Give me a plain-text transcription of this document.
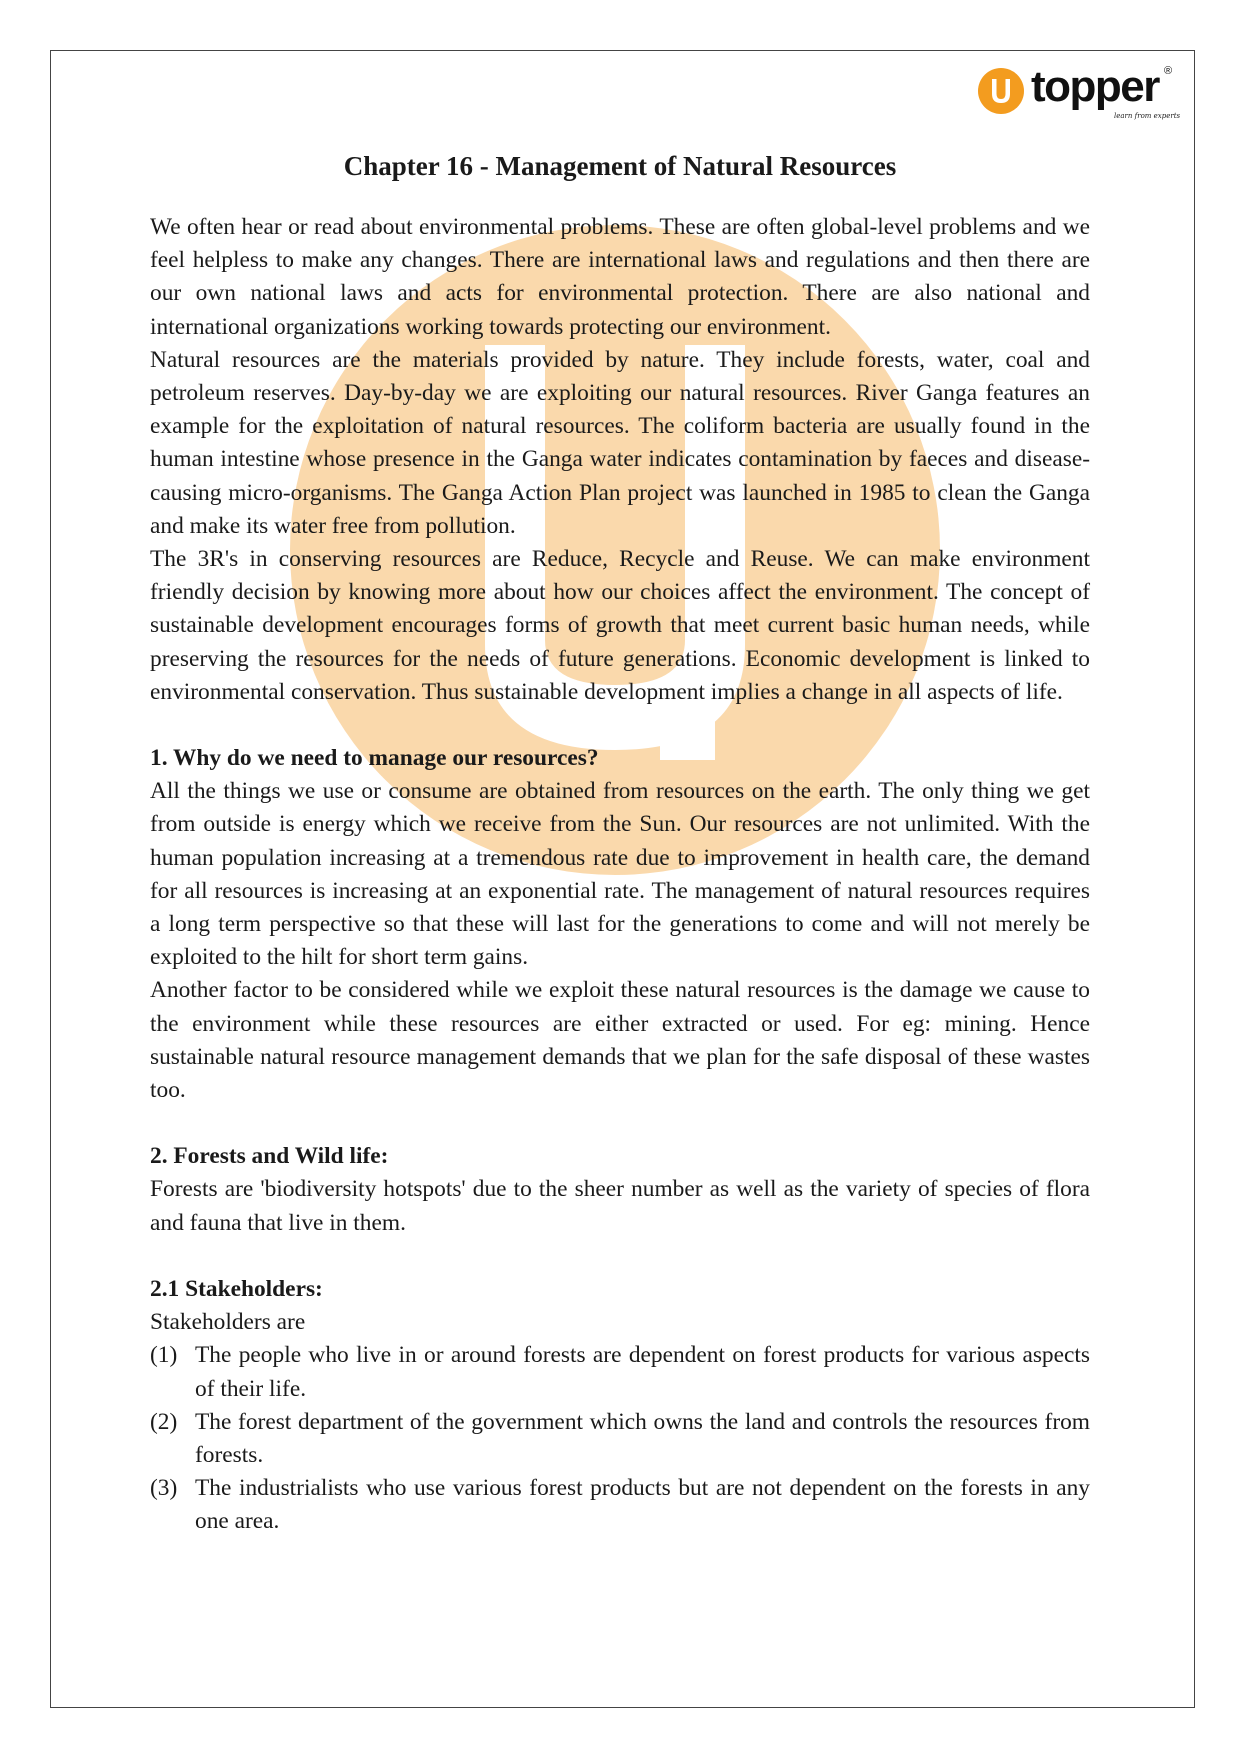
topper ®
learn from experts
Chapter 16 - Management of Natural Resources

We often hear or read about environmental problems. These are often global-level problems and we feel helpless to make any changes. There are international laws and regulations and then there are our own national laws and acts for environmental protection. There are also national and international organizations working towards protecting our environment.

Natural resources are the materials provided by nature. They include forests, water, coal and petroleum reserves. Day-by-day we are exploiting our natural resources. River Ganga features an example for the exploitation of natural resources. The coliform bacteria are usually found in the human intestine whose presence in the Ganga water indicates contamination by faeces and disease-causing micro-organisms. The Ganga Action Plan project was launched in 1985 to clean the Ganga and make its water free from pollution.

The 3R's in conserving resources are Reduce, Recycle and Reuse. We can make environment friendly decision by knowing more about how our choices affect the environment. The concept of sustainable development encourages forms of growth that meet current basic human needs, while preserving the resources for the needs of future generations. Economic development is linked to environmental conservation. Thus sustainable development implies a change in all aspects of life.

1. Why do we need to manage our resources?

All the things we use or consume are obtained from resources on the earth. The only thing we get from outside is energy which we receive from the Sun. Our resources are not unlimited. With the human population increasing at a tremendous rate due to improvement in health care, the demand for all resources is increasing at an exponential rate. The management of natural resources requires a long term perspective so that these will last for the generations to come and will not merely be exploited to the hilt for short term gains.

Another factor to be considered while we exploit these natural resources is the damage we cause to the environment while these resources are either extracted or used. For eg: mining. Hence sustainable natural resource management demands that we plan for the safe disposal of these wastes too.

2. Forests and Wild life:

Forests are 'biodiversity hotspots' due to the sheer number as well as the variety of species of flora and fauna that live in them.

2.1 Stakeholders:
Stakeholders are
(1) The people who live in or around forests are dependent on forest products for various aspects of their life.
(2) The forest department of the government which owns the land and controls the resources from forests.
(3) The industrialists who use various forest products but are not dependent on the forests in any one area.
